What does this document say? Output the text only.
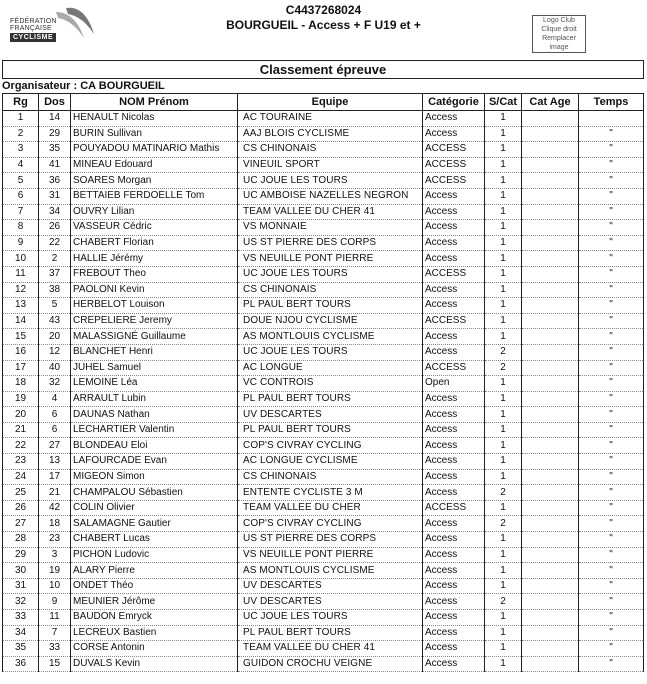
FÉDÉRATION
FRANÇAISE
CYCLISME
C4437268024
BOURGUEIL - Access + F U19 et +	Logo Club
Clique droit
Remplacer image
Classement épreuve
Organisateur : CA BOURGUEIL
Rg	Dos	NOM Prénom	Equipe	Catégorie	S/Cat	Cat Age	Temps
1	14	HENAULT Nicolas	AC TOURAINE	Access	1		
2	29	BURIN Sullivan	AAJ BLOIS CYCLISME	Access	1		"
3	35	POUYADOU MATINARIO Mathis	CS CHINONAIS	ACCESS	1		"
4	41	MINEAU Edouard	VINEUIL SPORT	ACCESS	1		"
5	36	SOARES Morgan	UC JOUE LES TOURS	ACCESS	1		"
6	31	BETTAIEB FERDOELLE Tom	UC AMBOISE NAZELLES NEGRON	Access	1		"
7	34	OUVRY Lilian	TEAM VALLEE DU CHER 41	Access	1		"
8	26	VASSEUR Cédric	VS MONNAIE	Access	1		"
9	22	CHABERT Florian	US ST PIERRE DES CORPS	Access	1		"
10	2	HALLIE Jérémy	VS NEUILLE PONT PIERRE	Access	1		"
11	37	FREBOUT Theo	UC JOUE LES TOURS	ACCESS	1		"
12	38	PAOLONI Kevin	CS CHINONAIS	Access	1		"
13	5	HERBELOT Louison	PL PAUL BERT TOURS	Access	1		"
14	43	CREPELIERE Jeremy	DOUE NJOU CYCLISME	ACCESS	1		"
15	20	MALASSIGNÉ Guillaume	AS MONTLOUIS CYCLISME	Access	1		"
16	12	BLANCHET Henri	UC JOUE LES TOURS	Access	2		"
17	40	JUHEL Samuel	AC LONGUE	ACCESS	2		"
18	32	LEMOINE Léa	VC CONTROIS	Open	1		"
19	4	ARRAULT Lubin	PL PAUL BERT TOURS	Access	1		"
20	6	DAUNAS Nathan	UV DESCARTES	Access	1		"
21	6	LECHARTIER Valentin	PL PAUL BERT TOURS	Access	1		"
22	27	BLONDEAU Eloi	COP'S CIVRAY CYCLING	Access	1		"
23	13	LAFOURCADE Evan	AC LONGUE CYCLISME	Access	1		"
24	17	MIGEON Simon	CS CHINONAIS	Access	1		"
25	21	CHAMPALOU Sébastien	ENTENTE CYCLISTE 3 M	Access	2		"
26	42	COLIN Olivier	TEAM VALLEE DU CHER	ACCESS	1		"
27	18	SALAMAGNE Gautier	COP'S CIVRAY CYCLING	Access	2		"
28	23	CHABERT Lucas	US ST PIERRE DES CORPS	Access	1		"
29	3	PICHON Ludovic	VS NEUILLE PONT PIERRE	Access	1		"
30	19	ALARY Pierre	AS MONTLOUIS CYCLISME	Access	1		"
31	10	ONDET Théo	UV DESCARTES	Access	1		"
32	9	MEUNIER Jérôme	UV DESCARTES	Access	2		"
33	11	BAUDON Emryck	UC JOUE LES TOURS	Access	1		"
34	7	LECREUX Bastien	PL PAUL BERT TOURS	Access	1		"
35	33	CORSE Antonin	TEAM VALLEE DU CHER 41	Access	1		"
36	15	DUVALS Kevin	GUIDON CROCHU VEIGNE	Access	1		"
